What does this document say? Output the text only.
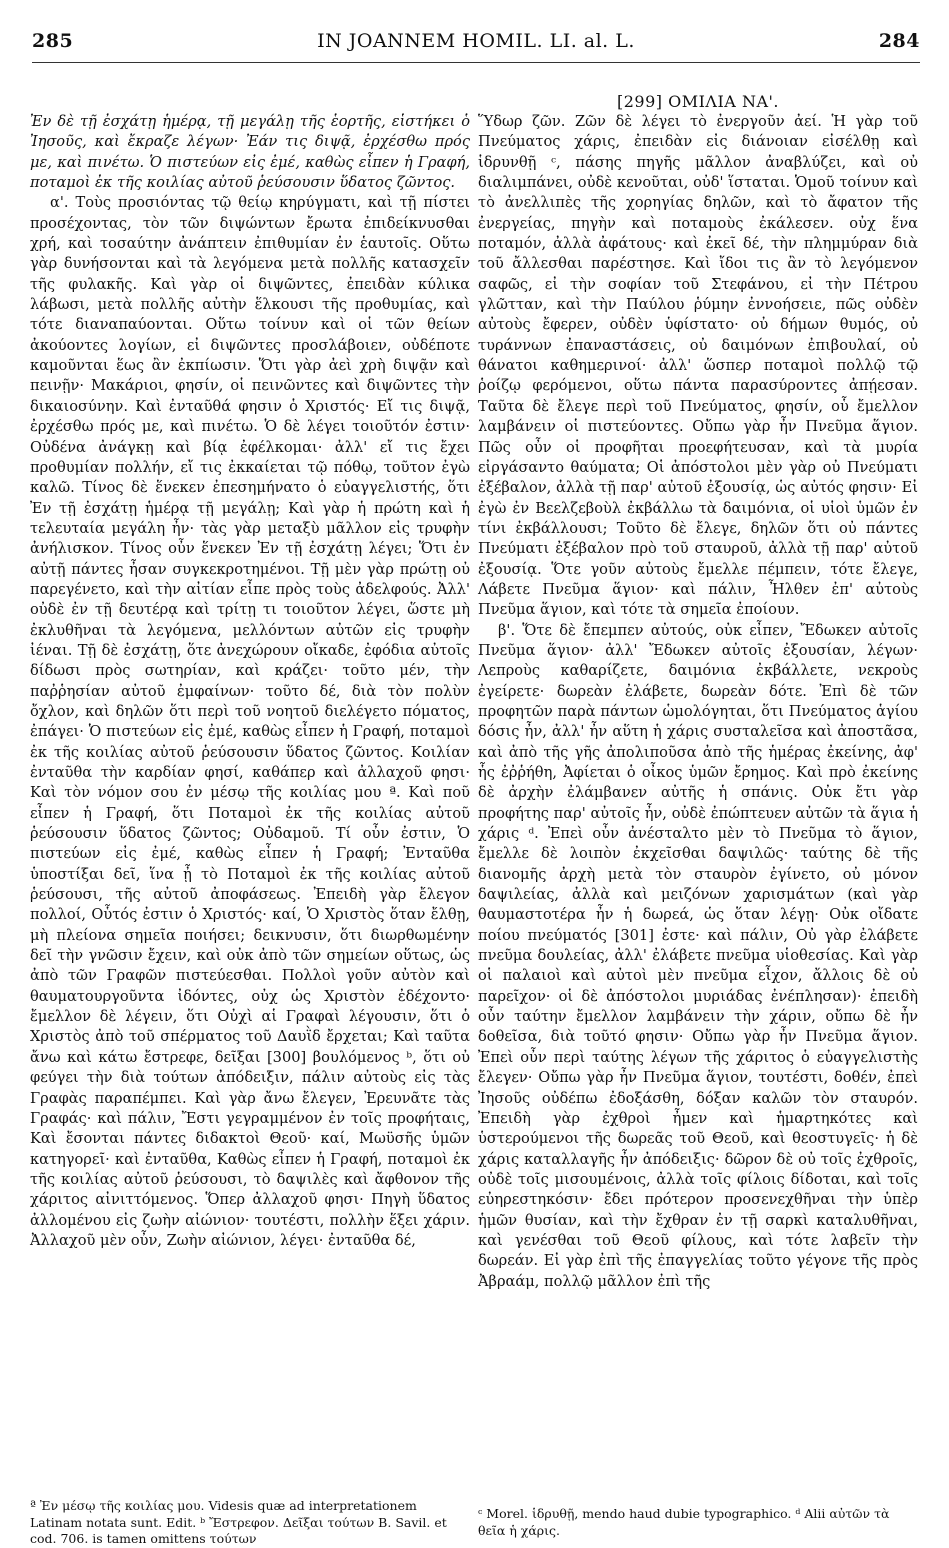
285	IN JOANNEM HOMIL. LI. al. L.	284
[299] ΟΜΙΛΙΑ ΝΑ'.

Ἐν δὲ τῇ ἐσχάτῃ ἡμέρᾳ, τῇ μεγάλῃ τῆς ἑορτῆς, εἱστήκει ὁ Ἰησοῦς, καὶ ἔκραζε λέγων· Ἐάν τις διψᾷ, ἐρχέσθω πρός με, καὶ πινέτω. Ὁ πιστεύων εἰς ἐμέ, καθὼς εἶπεν ἡ Γραφή, ποταμοὶ ἐκ τῆς κοιλίας αὐτοῦ ῥεύσουσιν ὕδατος ζῶντος.

α'. Τοὺς προσιόντας τῷ θείῳ κηρύγματι, καὶ τῇ πίστει προσέχοντας, τὸν τῶν διψώντων ἔρωτα ἐπιδείκνυσθαι χρή, καὶ τοσαύτην ἀνάπτειν ἐπιθυμίαν ἐν ἑαυτοῖς. Οὕτω γὰρ δυνήσονται καὶ τὰ λεγόμενα μετὰ πολλῆς κατασχεῖν τῆς φυλακῆς. Καὶ γὰρ οἱ διψῶντες, ἐπειδὰν κύλικα λάβωσι, μετὰ πολλῆς αὐτὴν ἕλκουσι τῆς προθυμίας, καὶ τότε διαναπαύονται. Οὕτω τοίνυν καὶ οἱ τῶν θείων ἀκούοντες λογίων, εἰ διψῶντες προσλάβοιεν, οὐδέποτε καμοῦνται ἕως ἂν ἐκπίωσιν. Ὅτι γὰρ ἀεὶ χρὴ διψᾷν καὶ πεινῇν· Μακάριοι, φησίν, οἱ πεινῶντες καὶ διψῶντες τὴν δικαιοσύνην. Καὶ ἐνταῦθά φησιν ὁ Χριστός· Εἴ τις διψᾷ, ἐρχέσθω πρός με, καὶ πινέτω. Ὁ δὲ λέγει τοιοῦτόν ἐστιν· Οὐδένα ἀνάγκῃ καὶ βίᾳ ἐφέλκομαι· ἀλλ' εἴ τις ἔχει προθυμίαν πολλήν, εἴ τις ἐκκαίεται τῷ πόθῳ, τοῦτον ἐγὼ καλῶ. Τίνος δὲ ἕνεκεν ἐπεσημήνατο ὁ εὐαγγελιστής, ὅτι Ἐν τῇ ἐσχάτῃ ἡμέρᾳ τῇ μεγάλῃ; Καὶ γὰρ ἡ πρώτη καὶ ἡ τελευταία μεγάλη ἦν· τὰς γὰρ μεταξὺ μᾶλλον εἰς τρυφὴν ἀνήλισκον. Τίνος οὖν ἕνεκεν Ἐν τῇ ἐσχάτῃ λέγει; Ὅτι ἐν αὐτῇ πάντες ἦσαν συγκεκροτημένοι. Τῇ μὲν γὰρ πρώτῃ οὐ παρεγένετο, καὶ τὴν αἰτίαν εἶπε πρὸς τοὺς ἀδελφούς. Ἀλλ' οὐδὲ ἐν τῇ δευτέρᾳ καὶ τρίτῃ τι τοιοῦτον λέγει, ὥστε μὴ ἐκλυθῆναι τὰ λεγόμενα, μελλόντων αὐτῶν εἰς τρυφὴν ἰέναι. Τῇ δὲ ἐσχάτῃ, ὅτε ἀνεχώρουν οἴκαδε, ἐφόδια αὐτοῖς δίδωσι πρὸς σωτηρίαν, καὶ κράζει· τοῦτο μέν, τὴν παῤῥησίαν αὐτοῦ ἐμφαίνων· τοῦτο δέ, διὰ τὸν πολὺν ὄχλον, καὶ δηλῶν ὅτι περὶ τοῦ νοητοῦ διελέγετο πόματος, ἐπάγει· Ὁ πιστεύων εἰς ἐμέ, καθὼς εἶπεν ἡ Γραφή, ποταμοὶ ἐκ τῆς κοιλίας αὐτοῦ ῥεύσουσιν ὕδατος ζῶντος. Κοιλίαν ἐνταῦθα τὴν καρδίαν φησί, καθάπερ καὶ ἀλλαχοῦ φησι· Καὶ τὸν νόμον σου ἐν μέσῳ τῆς κοιλίας μου ª. Καὶ ποῦ εἶπεν ἡ Γραφή, ὅτι Ποταμοὶ ἐκ τῆς κοιλίας αὐτοῦ ῥεύσουσιν ὕδατος ζῶντος; Οὐδαμοῦ. Τί οὖν ἐστιν, Ὁ πιστεύων εἰς ἐμέ, καθὼς εἶπεν ἡ Γραφή; Ἐνταῦθα ὑποστίξαι δεῖ, ἵνα ᾖ τὸ Ποταμοὶ ἐκ τῆς κοιλίας αὐτοῦ ῥεύσουσι, τῆς αὐτοῦ ἀποφάσεως. Ἐπειδὴ γὰρ ἔλεγον πολλοί, Οὗτός ἐστιν ὁ Χριστός· καί, Ὁ Χριστὸς ὅταν ἔλθῃ, μὴ πλείονα σημεῖα ποιήσει; δεικνυσιν, ὅτι διωρθωμένην δεῖ τὴν γνῶσιν ἔχειν, καὶ οὐκ ἀπὸ τῶν σημείων οὕτως, ὡς ἀπὸ τῶν Γραφῶν πιστεύεσθαι. Πολλοὶ γοῦν αὐτὸν καὶ θαυματουργοῦντα ἰδόντες, οὐχ ὡς Χριστὸν ἐδέχοντο· ἔμελλον δὲ λέγειν, ὅτι Οὐχὶ αἱ Γραφαὶ λέγουσιν, ὅτι ὁ Χριστὸς ἀπὸ τοῦ σπέρματος τοῦ Δαυῒδ ἔρχεται; Καὶ ταῦτα ἄνω καὶ κάτω ἔστρεφε, δεῖξαι [300] βουλόμενος ᵇ, ὅτι οὐ φεύγει τὴν διὰ τούτων ἀπόδειξιν, πάλιν αὐτοὺς εἰς τὰς Γραφὰς παραπέμπει. Καὶ γὰρ ἄνω ἔλεγεν, Ἐρευνᾶτε τὰς Γραφάς· καὶ πάλιν, Ἔστι γεγραμμένον ἐν τοῖς προφήταις, Καὶ ἔσονται πάντες διδακτοὶ Θεοῦ· καί, Μωϋσῆς ὑμῶν κατηγορεῖ· καὶ ἐνταῦθα, Καθὼς εἶπεν ἡ Γραφή, ποταμοὶ ἐκ τῆς κοιλίας αὐτοῦ ῥεύσουσι, τὸ δαψιλὲς καὶ ἄφθονον τῆς χάριτος αἰνιττόμενος. Ὅπερ ἀλλαχοῦ φησι· Πηγὴ ὕδατος ἀλλομένου εἰς ζωὴν αἰώνιον· τουτέστι, πολλὴν ἕξει χάριν. Ἀλλαχοῦ μὲν οὖν, Ζωὴν αἰώνιον, λέγει· ἐνταῦθα δέ,

Ὕδωρ ζῶν. Ζῶν δὲ λέγει τὸ ἐνεργοῦν ἀεί. Ἡ γὰρ τοῦ Πνεύματος χάρις, ἐπειδὰν εἰς διάνοιαν εἰσέλθῃ καὶ ἱδρυνθῇ ᶜ, πάσης πηγῆς μᾶλλον ἀναβλύζει, καὶ οὐ διαλιμπάνει, οὐδὲ κενοῦται, οὐδ' ἵσταται. Ὁμοῦ τοίνυν καὶ τὸ ἀνελλιπὲς τῆς χορηγίας δηλῶν, καὶ τὸ ἄφατον τῆς ἐνεργείας, πηγὴν καὶ ποταμοὺς ἐκάλεσεν. οὐχ ἕνα ποταμόν, ἀλλὰ ἀφάτους· καὶ ἐκεῖ δέ, τὴν πλημμύραν διὰ τοῦ ἄλλεσθαι παρέστησε. Καὶ ἴδοι τις ἂν τὸ λεγόμενον σαφῶς, εἰ τὴν σοφίαν τοῦ Στεφάνου, εἰ τὴν Πέτρου γλῶτταν, καὶ τὴν Παύλου ῥύμην ἐννοήσειε, πῶς οὐδὲν αὐτοὺς ἔφερεν, οὐδὲν ὑφίστατο· οὐ δήμων θυμός, οὐ τυράννων ἐπαναστάσεις, οὐ δαιμόνων ἐπιβουλαί, οὐ θάνατοι καθημερινοί· ἀλλ' ὥσπερ ποταμοὶ πολλῷ τῷ ῥοίζῳ φερόμενοι, οὕτω πάντα παρασύροντες ἀπῄεσαν. Ταῦτα δὲ ἔλεγε περὶ τοῦ Πνεύματος, φησίν, οὗ ἔμελλον λαμβάνειν οἱ πιστεύοντες. Οὔπω γὰρ ἦν Πνεῦμα ἅγιον. Πῶς οὖν οἱ προφῆται προεφήτευσαν, καὶ τὰ μυρία εἰργάσαντο θαύματα; Οἱ ἀπόστολοι μὲν γὰρ οὐ Πνεύματι ἐξέβαλον, ἀλλὰ τῇ παρ' αὐτοῦ ἐξουσίᾳ, ὡς αὐτός φησιν· Εἰ ἐγὼ ἐν Βεελζεβοὺλ ἐκβάλλω τὰ δαιμόνια, οἱ υἱοὶ ὑμῶν ἐν τίνι ἐκβάλλουσι; Τοῦτο δὲ ἔλεγε, δηλῶν ὅτι οὐ πάντες Πνεύματι ἐξέβαλον πρὸ τοῦ σταυροῦ, ἀλλὰ τῇ παρ' αὐτοῦ ἐξουσίᾳ. Ὅτε γοῦν αὐτοὺς ἔμελλε πέμπειν, τότε ἔλεγε, Λάβετε Πνεῦμα ἅγιον· καὶ πάλιν, Ἦλθεν ἐπ' αὐτοὺς Πνεῦμα ἅγιον, καὶ τότε τὰ σημεῖα ἐποίουν.

β'. Ὅτε δὲ ἔπεμπεν αὐτούς, οὐκ εἶπεν, Ἔδωκεν αὐτοῖς Πνεῦμα ἅγιον· ἀλλ' Ἔδωκεν αὐτοῖς ἐξουσίαν, λέγων· Λεπροὺς καθαρίζετε, δαιμόνια ἐκβάλλετε, νεκροὺς ἐγείρετε· δωρεὰν ἐλάβετε, δωρεὰν δότε. Ἐπὶ δὲ τῶν προφητῶν παρὰ πάντων ὡμολόγηται, ὅτι Πνεύματος ἁγίου δόσις ἦν, ἀλλ' ἦν αὕτη ἡ χάρις συσταλεῖσα καὶ ἀποστᾶσα, καὶ ἀπὸ τῆς γῆς ἀπολιποῦσα ἀπὸ τῆς ἡμέρας ἐκείνης, ἀφ' ἧς ἐῤῥήθη, Ἀφίεται ὁ οἶκος ὑμῶν ἔρημος. Καὶ πρὸ ἐκείνης δὲ ἀρχὴν ἐλάμβανεν αὐτῆς ἡ σπάνις. Οὐκ ἔτι γὰρ προφήτης παρ' αὐτοῖς ἦν, οὐδὲ ἐπώπτευεν αὐτῶν τὰ ἅγια ἡ χάρις ᵈ. Ἐπεὶ οὖν ἀνέσταλτο μὲν τὸ Πνεῦμα τὸ ἅγιον, ἔμελλε δὲ λοιπὸν ἐκχεῖσθαι δαψιλῶς· ταύτης δὲ τῆς διανομῆς ἀρχὴ μετὰ τὸν σταυρὸν ἐγίνετο, οὐ μόνον δαψιλείας, ἀλλὰ καὶ μειζόνων χαρισμάτων (καὶ γὰρ θαυμαστοτέρα ἦν ἡ δωρεά, ὡς ὅταν λέγῃ· Οὐκ οἴδατε ποίου πνεύματός [301] ἐστε· καὶ πάλιν, Οὐ γὰρ ἐλάβετε πνεῦμα δουλείας, ἀλλ' ἐλάβετε πνεῦμα υἱοθεσίας. Καὶ γὰρ οἱ παλαιοὶ καὶ αὐτοὶ μὲν πνεῦμα εἶχον, ἄλλοις δὲ οὐ παρεῖχον· οἱ δὲ ἀπόστολοι μυριάδας ἐνέπλησαν)· ἐπειδὴ οὖν ταύτην ἔμελλον λαμβάνειν τὴν χάριν, οὔπω δὲ ἦν δοθεῖσα, διὰ τοῦτό φησιν· Οὔπω γὰρ ἦν Πνεῦμα ἅγιον. Ἐπεὶ οὖν περὶ ταύτης λέγων τῆς χάριτος ὁ εὐαγγελιστὴς ἔλεγεν· Οὔπω γὰρ ἦν Πνεῦμα ἅγιον, τουτέστι, δοθέν, ἐπεὶ Ἰησοῦς οὐδέπω ἐδοξάσθη, δόξαν καλῶν τὸν σταυρόν. Ἐπειδὴ γὰρ ἐχθροὶ ἦμεν καὶ ἡμαρτηκότες καὶ ὑστερούμενοι τῆς δωρεᾶς τοῦ Θεοῦ, καὶ θεοστυγεῖς· ἡ δὲ χάρις καταλλαγῆς ἦν ἀπόδειξις· δῶρον δὲ οὐ τοῖς ἐχθροῖς, οὐδὲ τοῖς μισουμένοις, ἀλλὰ τοῖς φίλοις δίδοται, καὶ τοῖς εὐηρεστηκόσιν· ἔδει πρότερον προσενεχθῆναι τὴν ὑπὲρ ἡμῶν θυσίαν, καὶ τὴν ἔχθραν ἐν τῇ σαρκὶ καταλυθῆναι, καὶ γενέσθαι τοῦ Θεοῦ φίλους, καὶ τότε λαβεῖν τὴν δωρεάν. Εἰ γὰρ ἐπὶ τῆς ἐπαγγελίας τοῦτο γέγονε τῆς πρὸς Ἀβραάμ, πολλῷ μᾶλλον ἐπὶ τῆς

ª Ἐν μέσῳ τῆς κοιλίας μου. Videsis quæ ad interpretationem Latinam notata sunt. Edit. ᵇ Ἔστρεφον. Δεῖξαι τούτων B. Savil. et cod. 706. is tamen omittens τούτων
ᶜ Morel. ἱδρυθῇ, mendo haud dubie typographico. ᵈ Alii αὐτῶν τὰ θεῖα ἡ χάρις.
